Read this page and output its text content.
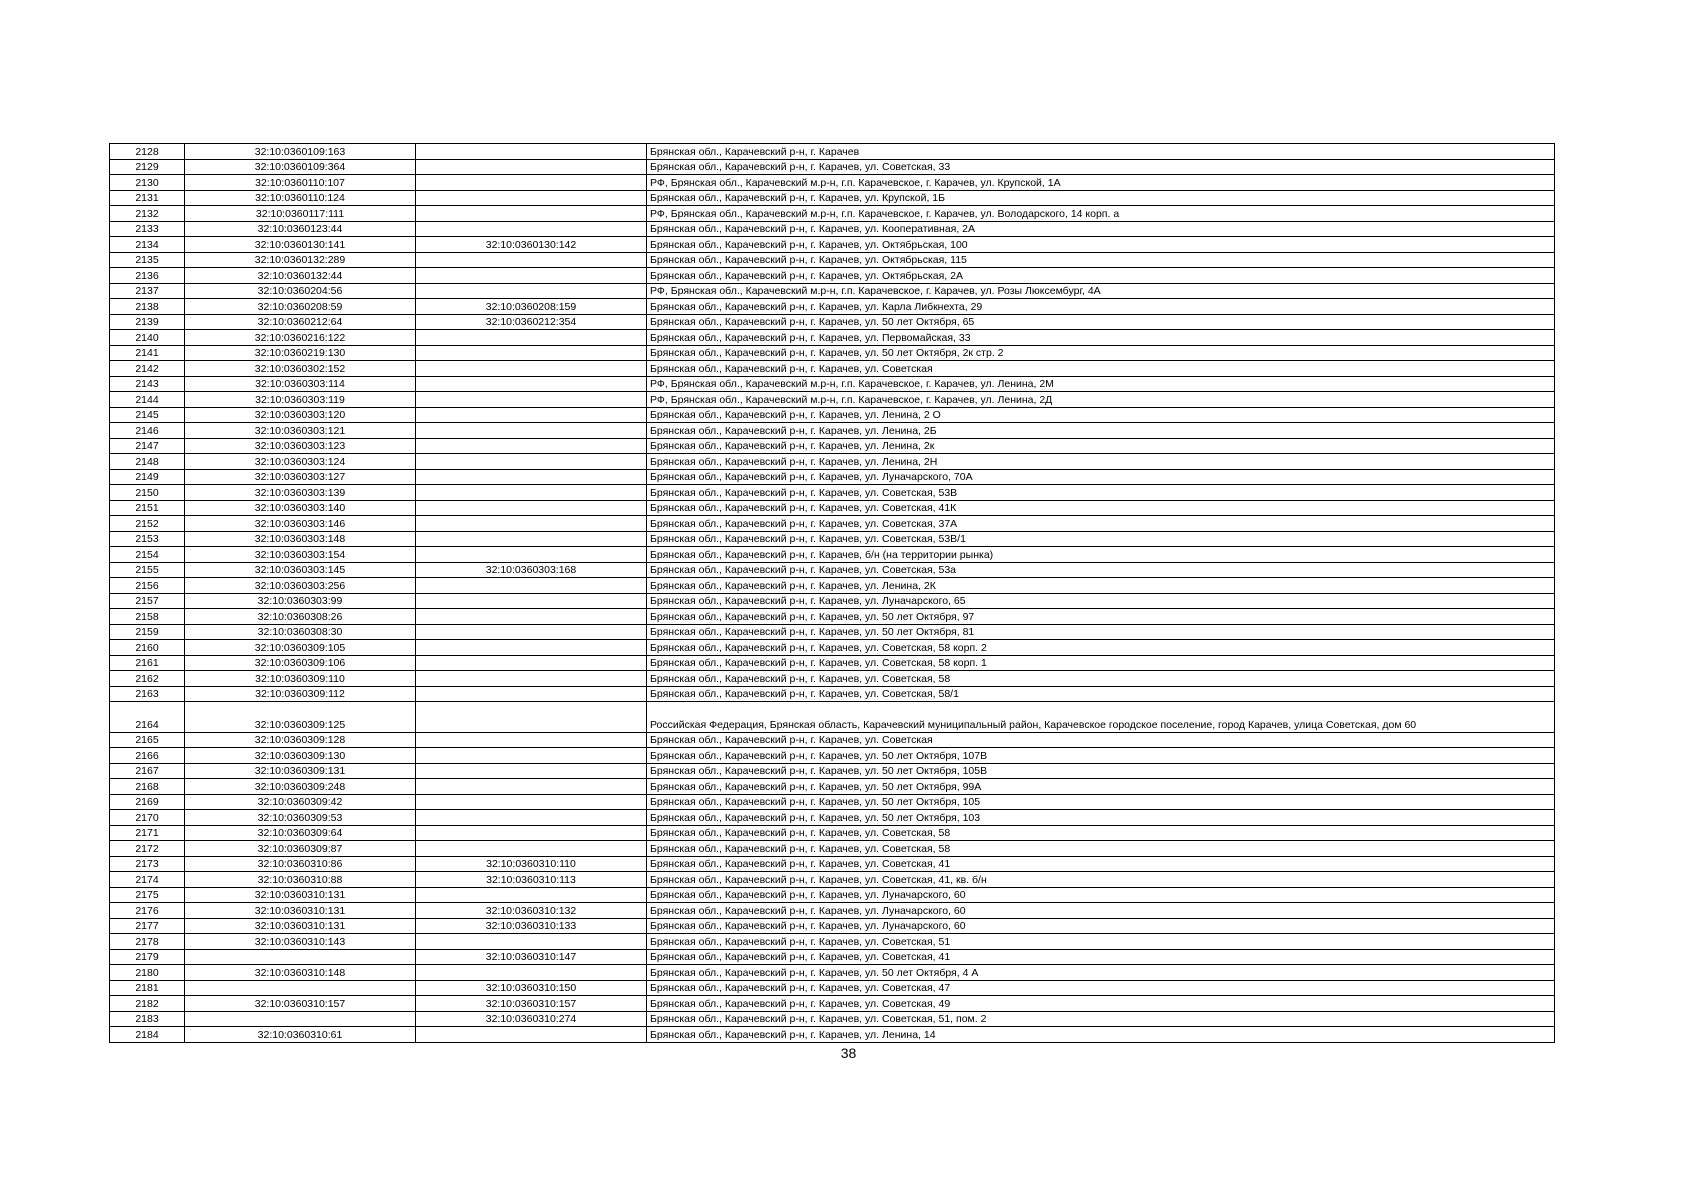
2128	32:10:0360109:163		Брянская обл., Карачевский р-н, г. Карачев
2129	32:10:0360109:364		Брянская обл., Карачевский р-н, г. Карачев, ул. Советская, 33
2130	32:10:0360110:107		РФ, Брянская обл., Карачевский м.р-н, г.п. Карачевское, г. Карачев, ул. Крупской, 1А
2131	32:10:0360110:124		Брянская обл., Карачевский р-н, г. Карачев, ул. Крупской, 1Б
2132	32:10:0360117:111		РФ, Брянская обл., Карачевский м.р-н, г.п. Карачевское, г. Карачев, ул. Володарского, 14 корп. а
2133	32:10:0360123:44		Брянская обл., Карачевский р-н, г. Карачев, ул. Кооперативная, 2А
2134	32:10:0360130:141	32:10:0360130:142	Брянская обл., Карачевский р-н, г. Карачев, ул. Октябрьская, 100
2135	32:10:0360132:289		Брянская обл., Карачевский р-н, г. Карачев, ул. Октябрьская, 115
2136	32:10:0360132:44		Брянская обл., Карачевский р-н, г. Карачев, ул. Октябрьская, 2А
2137	32:10:0360204:56		РФ, Брянская обл., Карачевский м.р-н, г.п. Карачевское, г. Карачев, ул. Розы Люксембург, 4А
2138	32:10:0360208:59	32:10:0360208:159	Брянская обл., Карачевский р-н, г. Карачев, ул. Карла Либкнехта, 29
2139	32:10:0360212:64	32:10:0360212:354	Брянская обл., Карачевский р-н, г. Карачев, ул. 50 лет Октября, 65
2140	32:10:0360216:122		Брянская обл., Карачевский р-н, г. Карачев, ул. Первомайская, 33
2141	32:10:0360219:130		Брянская обл., Карачевский р-н, г. Карачев, ул. 50 лет Октября, 2к стр. 2
2142	32:10:0360302:152		Брянская обл., Карачевский р-н, г. Карачев, ул. Советская
2143	32:10:0360303:114		РФ, Брянская обл., Карачевский м.р-н, г.п. Карачевское, г. Карачев, ул. Ленина, 2М
2144	32:10:0360303:119		РФ, Брянская обл., Карачевский м.р-н, г.п. Карачевское, г. Карачев, ул. Ленина, 2Д
2145	32:10:0360303:120		Брянская обл., Карачевский р-н, г. Карачев, ул. Ленина, 2 О
2146	32:10:0360303:121		Брянская обл., Карачевский р-н, г. Карачев, ул. Ленина, 2Б
2147	32:10:0360303:123		Брянская обл., Карачевский р-н, г. Карачев, ул. Ленина, 2к
2148	32:10:0360303:124		Брянская обл., Карачевский р-н, г. Карачев, ул. Ленина, 2Н
2149	32:10:0360303:127		Брянская обл., Карачевский р-н, г. Карачев, ул. Луначарского, 70А
2150	32:10:0360303:139		Брянская обл., Карачевский р-н, г. Карачев, ул. Советская, 53В
2151	32:10:0360303:140		Брянская обл., Карачевский р-н, г. Карачев, ул. Советская, 41К
2152	32:10:0360303:146		Брянская обл., Карачевский р-н, г. Карачев, ул. Советская, 37А
2153	32:10:0360303:148		Брянская обл., Карачевский р-н, г. Карачев, ул. Советская, 53В/1
2154	32:10:0360303:154		Брянская обл., Карачевский р-н, г. Карачев, б/н (на территории рынка)
2155	32:10:0360303:145	32:10:0360303:168	Брянская обл., Карачевский р-н, г. Карачев, ул. Советская, 53а
2156	32:10:0360303:256		Брянская обл., Карачевский р-н, г. Карачев, ул. Ленина, 2К
2157	32:10:0360303:99		Брянская обл., Карачевский р-н, г. Карачев, ул. Луначарского, 65
2158	32:10:0360308:26		Брянская обл., Карачевский р-н, г. Карачев, ул. 50 лет Октября, 97
2159	32:10:0360308:30		Брянская обл., Карачевский р-н, г. Карачев, ул. 50 лет Октября, 81
2160	32:10:0360309:105		Брянская обл., Карачевский р-н, г. Карачев, ул. Советская, 58 корп. 2
2161	32:10:0360309:106		Брянская обл., Карачевский р-н, г. Карачев, ул. Советская, 58 корп. 1
2162	32:10:0360309:110		Брянская обл., Карачевский р-н, г. Карачев, ул. Советская, 58
2163	32:10:0360309:112		Брянская обл., Карачевский р-н, г. Карачев, ул. Советская, 58/1
2164	32:10:0360309:125		Российская Федерация, Брянская область, Карачевский муниципальный район, Карачевское городское поселение, город Карачев, улица Советская, дом 60
2165	32:10:0360309:128		Брянская обл., Карачевский р-н, г. Карачев, ул. Советская
2166	32:10:0360309:130		Брянская обл., Карачевский р-н, г. Карачев, ул. 50 лет Октября, 107В
2167	32:10:0360309:131		Брянская обл., Карачевский р-н, г. Карачев, ул. 50 лет Октября, 105В
2168	32:10:0360309:248		Брянская обл., Карачевский р-н, г. Карачев, ул. 50 лет Октября, 99А
2169	32:10:0360309:42		Брянская обл., Карачевский р-н, г. Карачев, ул. 50 лет Октября, 105
2170	32:10:0360309:53		Брянская обл., Карачевский р-н, г. Карачев, ул. 50 лет Октября, 103
2171	32:10:0360309:64		Брянская обл., Карачевский р-н, г. Карачев, ул. Советская, 58
2172	32:10:0360309:87		Брянская обл., Карачевский р-н, г. Карачев, ул. Советская, 58
2173	32:10:0360310:86	32:10:0360310:110	Брянская обл., Карачевский р-н, г. Карачев, ул. Советская, 41
2174	32:10:0360310:88	32:10:0360310:113	Брянская обл., Карачевский р-н, г. Карачев, ул. Советская, 41, кв. б/н
2175	32:10:0360310:131		Брянская обл., Карачевский р-н, г. Карачев, ул. Луначарского, 60
2176	32:10:0360310:131	32:10:0360310:132	Брянская обл., Карачевский р-н, г. Карачев, ул. Луначарского, 60
2177	32:10:0360310:131	32:10:0360310:133	Брянская обл., Карачевский р-н, г. Карачев, ул. Луначарского, 60
2178	32:10:0360310:143		Брянская обл., Карачевский р-н, г. Карачев, ул. Советская, 51
2179		32:10:0360310:147	Брянская обл., Карачевский р-н, г. Карачев, ул. Советская, 41
2180	32:10:0360310:148		Брянская обл., Карачевский р-н, г. Карачев, ул. 50 лет Октября, 4 А
2181		32:10:0360310:150	Брянская обл., Карачевский р-н, г. Карачев, ул. Советская, 47
2182	32:10:0360310:157	32:10:0360310:157	Брянская обл., Карачевский р-н, г. Карачев, ул. Советская, 49
2183		32:10:0360310:274	Брянская обл., Карачевский р-н, г. Карачев, ул. Советская, 51, пом. 2
2184	32:10:0360310:61		Брянская обл., Карачевский р-н, г. Карачев, ул. Ленина, 14
38
